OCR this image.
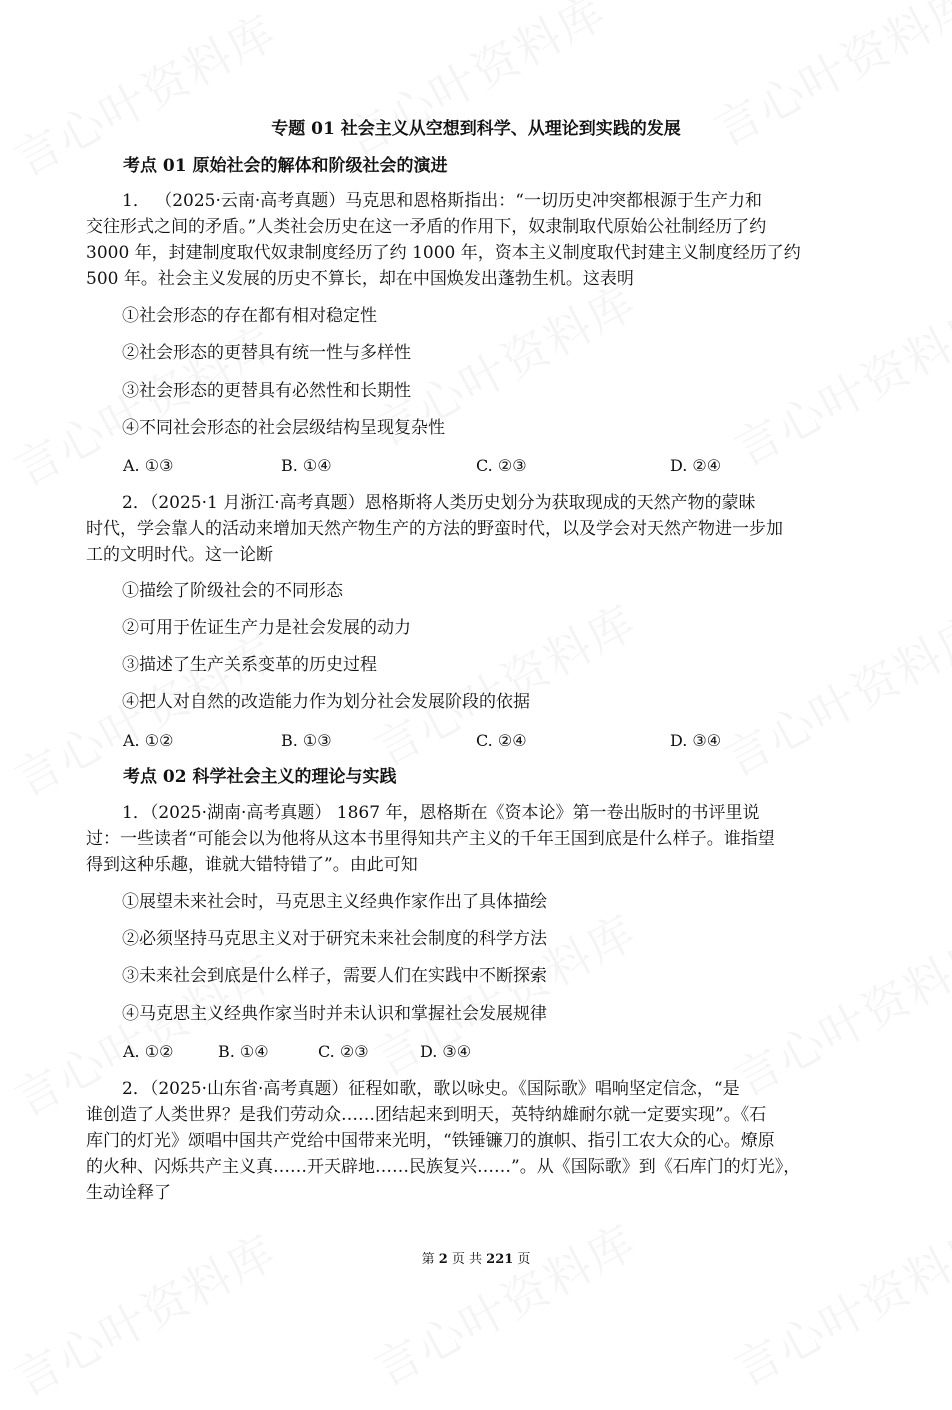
专题 01 社会主义从空想到科学、从理论到实践的发展
考点 01 原始社会的解体和阶级社会的演进
1． （2025·云南·高考真题）马克思和恩格斯指出：“一切历史冲突都根源于生产力和
交往形式之间的矛盾。”人类社会历史在这一矛盾的作用下，奴隶制取代原始公社制经历了约
3000 年，封建制度取代奴隶制度经历了约 1000 年，资本主义制度取代封建主义制度经历了约
500 年。社会主义发展的历史不算长，却在中国焕发出蓬勃生机。这表明
①社会形态的存在都有相对稳定性
②社会形态的更替具有统一性与多样性
③社会形态的更替具有必然性和长期性
④不同社会形态的社会层级结构呈现复杂性
A. ①③	B. ①④	C. ②③	D. ②④
2．（2025·1 月浙江·高考真题）恩格斯将人类历史划分为获取现成的天然产物的蒙昧
时代，学会靠人的活动来增加天然产物生产的方法的野蛮时代，以及学会对天然产物进一步加
工的文明时代。这一论断
①描绘了阶级社会的不同形态
②可用于佐证生产力是社会发展的动力
③描述了生产关系变革的历史过程
④把人对自然的改造能力作为划分社会发展阶段的依据
A. ①②	B. ①③	C. ②④	D. ③④
考点 02 科学社会主义的理论与实践
1．（2025·湖南·高考真题） 1867 年，恩格斯在《资本论》第一卷出版时的书评里说
过：一些读者“可能会以为他将从这本书里得知共产主义的千年王国到底是什么样子。谁指望
得到这种乐趣，谁就大错特错了”。由此可知
①展望未来社会时，马克思主义经典作家作出了具体描绘
②必须坚持马克思主义对于研究未来社会制度的科学方法
③未来社会到底是什么样子，需要人们在实践中不断探索
④马克思主义经典作家当时并未认识和掌握社会发展规律
A. ①②	B. ①④	C. ②③	D. ③④
2．（2025·山东省·高考真题）征程如歌，歌以咏史。《国际歌》唱响坚定信念，“是
谁创造了人类世界？是我们劳动众……团结起来到明天，英特纳雄耐尔就一定要实现”。《石
库门的灯光》颂唱中国共产党给中国带来光明，“铁锤镰刀的旗帜、指引工农大众的心。燎原
的火种、闪烁共产主义真……开天辟地……民族复兴……”。从《国际歌》到《石库门的灯光》，
生动诠释了
第 2 页 共 221 页
